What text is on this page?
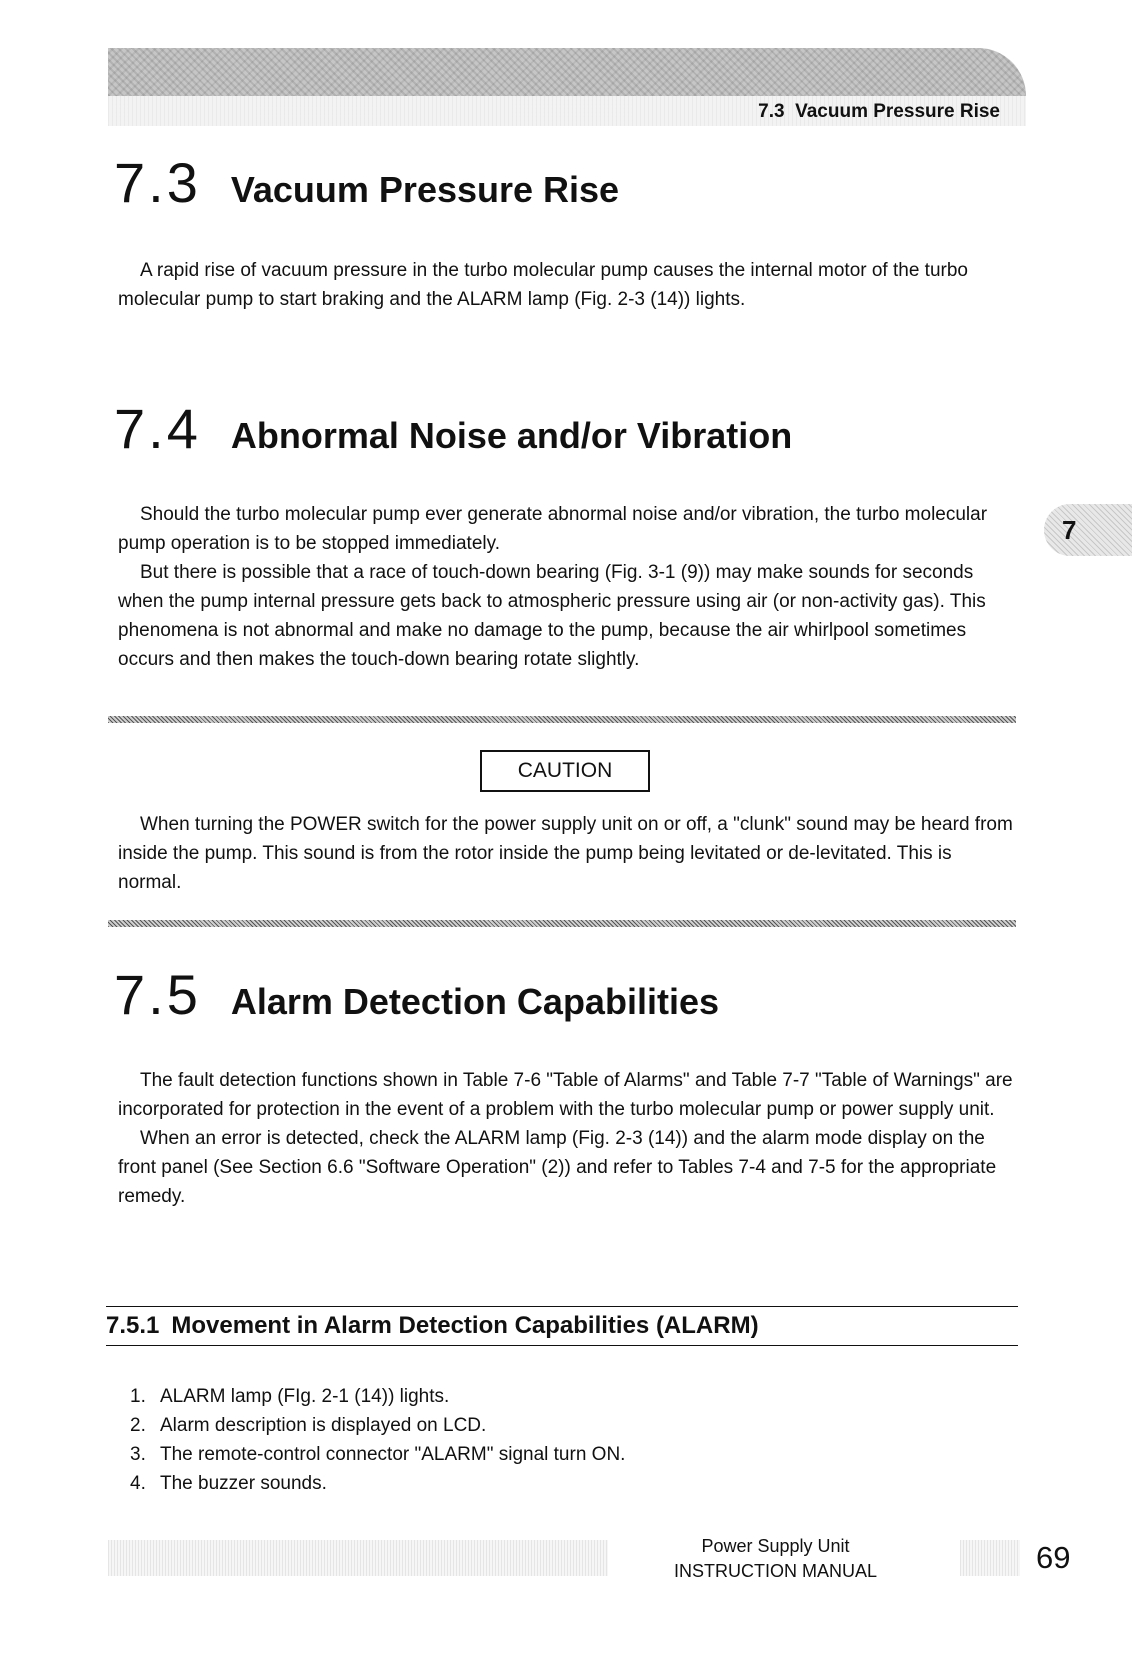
7.3  Vacuum Pressure Rise
7.3 Vacuum Pressure Rise

A rapid rise of vacuum pressure in the turbo molecular pump causes the internal motor of the turbo molecular pump to start braking and the ALARM lamp (Fig. 2-3 (14)) lights.

7.4 Abnormal Noise and/or Vibration

Should the turbo molecular pump ever generate abnormal noise and/or vibration, the turbo molecular pump operation is to be stopped immediately.

But there is possible that a race of touch-down bearing (Fig. 3-1 (9)) may make sounds for seconds when the pump internal pressure gets back to atmospheric pressure using air (or non-activity gas). This phenomena is not abnormal and make no damage to the pump, because the air whirlpool sometimes occurs and then makes the touch-down bearing rotate slightly.

7
CAUTION

When turning the POWER switch for the power supply unit on or off, a "clunk" sound may be heard from inside the pump. This sound is from the rotor inside the pump being levitated or de-levitated. This is normal.

7.5 Alarm Detection Capabilities

The fault detection functions shown in Table 7-6 "Table of Alarms" and Table 7-7 "Table of Warnings" are incorporated for protection in the event of a problem with the turbo molecular pump or power supply unit.

When an error is detected, check the ALARM lamp (Fig. 2-3 (14)) and the alarm mode display on the front panel (See Section 6.6 "Software Operation" (2)) and refer to Tables 7-4 and 7-5 for the appropriate remedy.

7.5.1 Movement in Alarm Detection Capabilities (ALARM)
1. ALARM lamp (FIg. 2-1 (14)) lights.
2. Alarm description is displayed on LCD.
3. The remote-control connector "ALARM" signal turn ON.
4. The buzzer sounds.
Power Supply Unit
INSTRUCTION MANUAL	69
